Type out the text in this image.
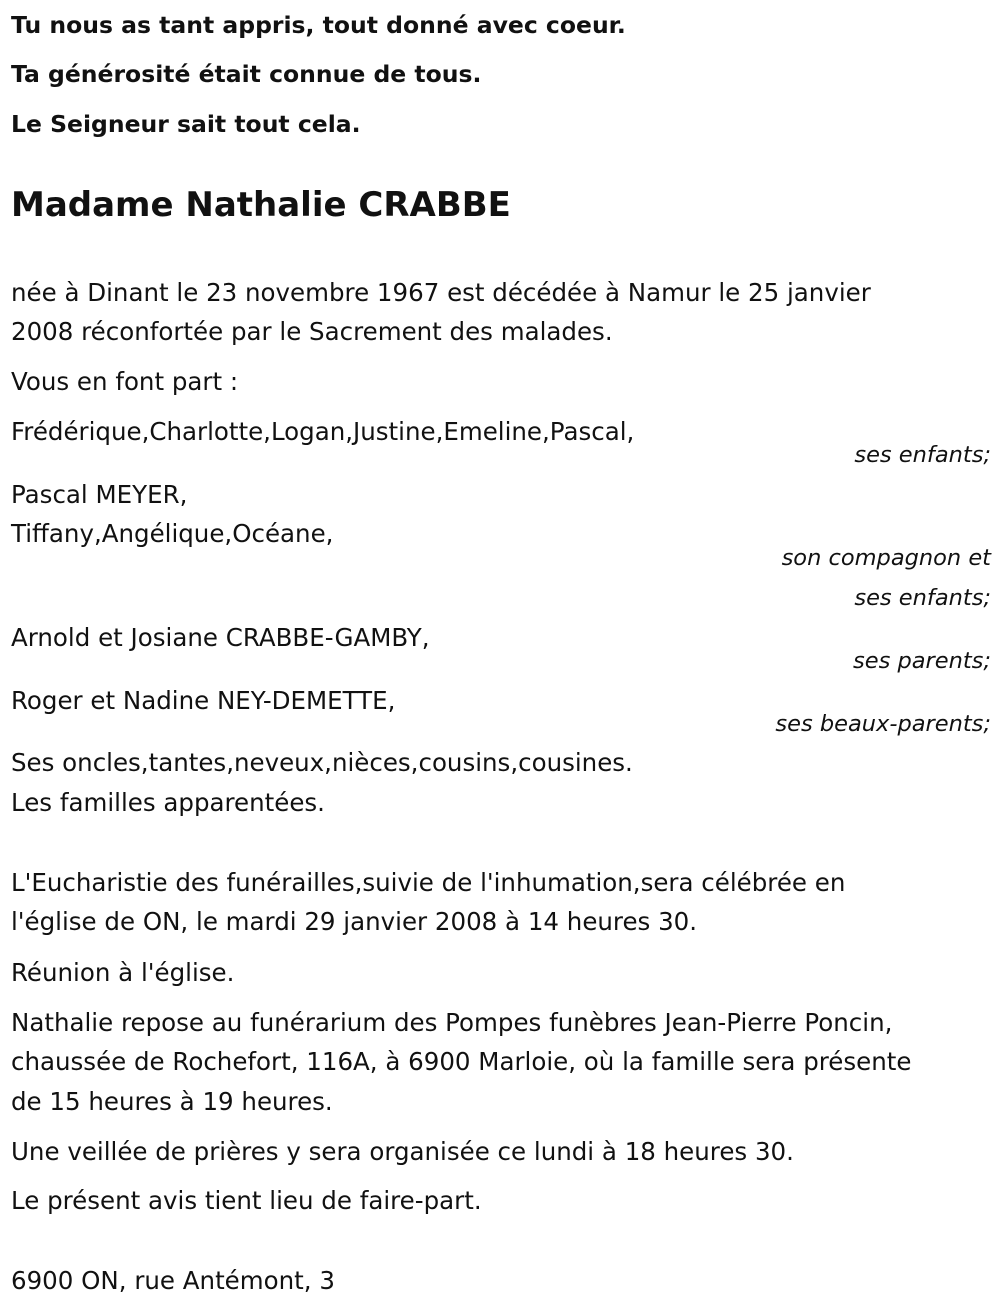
Tu nous as tant appris, tout donné avec coeur.
Ta générosité était connue de tous.
Le Seigneur sait tout cela.
Madame Nathalie CRABBE
née à Dinant le 23 novembre 1967 est décédée à Namur le 25 janvier
2008 réconfortée par le Sacrement des malades.
Vous en font part :
Frédérique,Charlotte,Logan,Justine,Emeline,Pascal,
ses enfants;
Pascal MEYER,
Tiffany,Angélique,Océane,
son compagnon et
ses enfants;
Arnold et Josiane CRABBE-GAMBY,
ses parents;
Roger et Nadine NEY-DEMETTE,
ses beaux-parents;
Ses oncles,tantes,neveux,nièces,cousins,cousines.
Les familles apparentées.
L'Eucharistie des funérailles,suivie de l'inhumation,sera célébrée en
l'église de ON, le mardi 29 janvier 2008 à 14 heures 30.
Réunion à l'église.
Nathalie repose au funérarium des Pompes funèbres Jean-Pierre Poncin,
chaussée de Rochefort, 116A, à 6900 Marloie, où la famille sera présente
de 15 heures à 19 heures.
Une veillée de prières y sera organisée ce lundi à 18 heures 30.
Le présent avis tient lieu de faire-part.
6900 ON, rue Antémont, 3
